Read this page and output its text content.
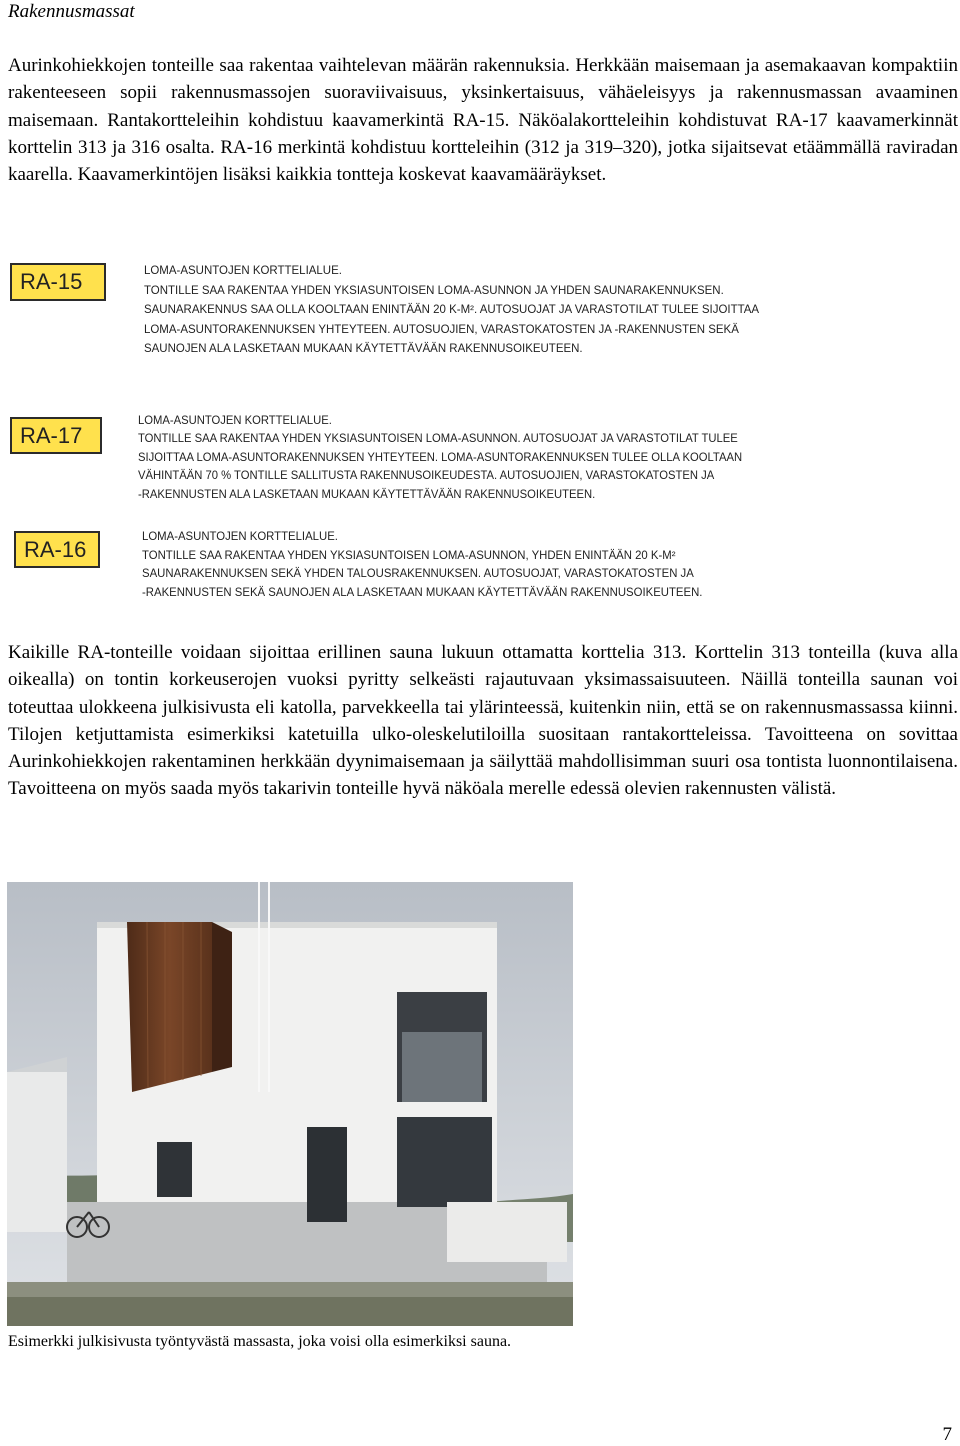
Rakennusmassat
Aurinkohiekkojen tonteille saa rakentaa vaihtelevan määrän rakennuksia. Herkkään maisemaan ja asemakaavan kompaktiin rakenteeseen sopii rakennusmassojen suoraviivaisuus, yksinkertaisuus, vähäeleisyys ja rakennusmassan avaaminen maisemaan. Rantakortteleihin kohdistuu kaavamerkintä RA-15. Näköalakortteleihin kohdistuvat RA-17 kaavamerkinnät korttelin 313 ja 316 osalta. RA-16 merkintä kohdistuu kortteleihin (312 ja 319–320), jotka sijaitsevat etäämmällä raviradan kaarella. Kaavamerkintöjen lisäksi kaikkia tontteja koskevat kaavamääräykset.
RA-15	LOMA-ASUNTOJEN KORTTELIALUE.
TONTILLE SAA RAKENTAA YHDEN YKSIASUNTOISEN LOMA-ASUNNON JA YHDEN SAUNARAKENNUKSEN.
SAUNARAKENNUS SAA OLLA KOOLTAAN ENINTÄÄN 20 K-M². AUTOSUOJAT JA VARASTOTILAT TULEE SIJOITTAA
LOMA-ASUNTORAKENNUKSEN YHTEYTEEN. AUTOSUOJIEN, VARASTOKATOSTEN JA -RAKENNUSTEN SEKÄ
SAUNOJEN ALA LASKETAAN MUKAAN KÄYTETTÄVÄÄN RAKENNUSOIKEUTEEN.
RA-17
LOMA-ASUNTOJEN KORTTELIALUE.
TONTILLE SAA RAKENTAA YHDEN YKSIASUNTOISEN LOMA-ASUNNON. AUTOSUOJAT JA VARASTOTILAT TULEE
SIJOITTAA LOMA-ASUNTORAKENNUKSEN YHTEYTEEN. LOMA-ASUNTORAKENNUKSEN TULEE OLLA KOOLTAAN
VÄHINTÄÄN 70 % TONTILLE SALLITUSTA RAKENNUSOIKEUDESTA. AUTOSUOJIEN, VARASTOKATOSTEN JA
-RAKENNUSTEN ALA LASKETAAN MUKAAN KÄYTETTÄVÄÄN RAKENNUSOIKEUTEEN.
RA-16	LOMA-ASUNTOJEN KORTTELIALUE.
TONTILLE SAA RAKENTAA YHDEN YKSIASUNTOISEN LOMA-ASUNNON, YHDEN ENINTÄÄN 20 K-M²
SAUNARAKENNUKSEN SEKÄ YHDEN TALOUSRAKENNUKSEN. AUTOSUOJAT, VARASTOKATOSTEN JA
-RAKENNUSTEN SEKÄ SAUNOJEN ALA LASKETAAN MUKAAN KÄYTETTÄVÄÄN RAKENNUSOIKEUTEEN.
Kaikille RA-tonteille voidaan sijoittaa erillinen sauna lukuun ottamatta korttelia 313. Korttelin 313 tonteilla (kuva alla oikealla) on tontin korkeuserojen vuoksi pyritty selkeästi rajautuvaan yksimassaisuuteen. Näillä tonteilla saunan voi toteuttaa ulokkeena julkisivusta eli katolla, parvekkeella tai ylärinteessä, kuitenkin niin, että se on rakennusmassassa kiinni. Tilojen ketjuttamista esimerkiksi katetuilla ulko-oleskelutiloilla suositaan rantakortteleissa. Tavoitteena on sovittaa Aurinkohiekkojen rakentaminen herkkään dyynimaisemaan ja säilyttää mahdollisimman suuri osa tontista luonnontilaisena. Tavoitteena on myös saada myös takarivin tonteille hyvä näköala merelle edessä olevien rakennusten välistä.
Esimerkki julkisivusta työntyvästä massasta, joka voisi olla esimerkiksi sauna.
7
